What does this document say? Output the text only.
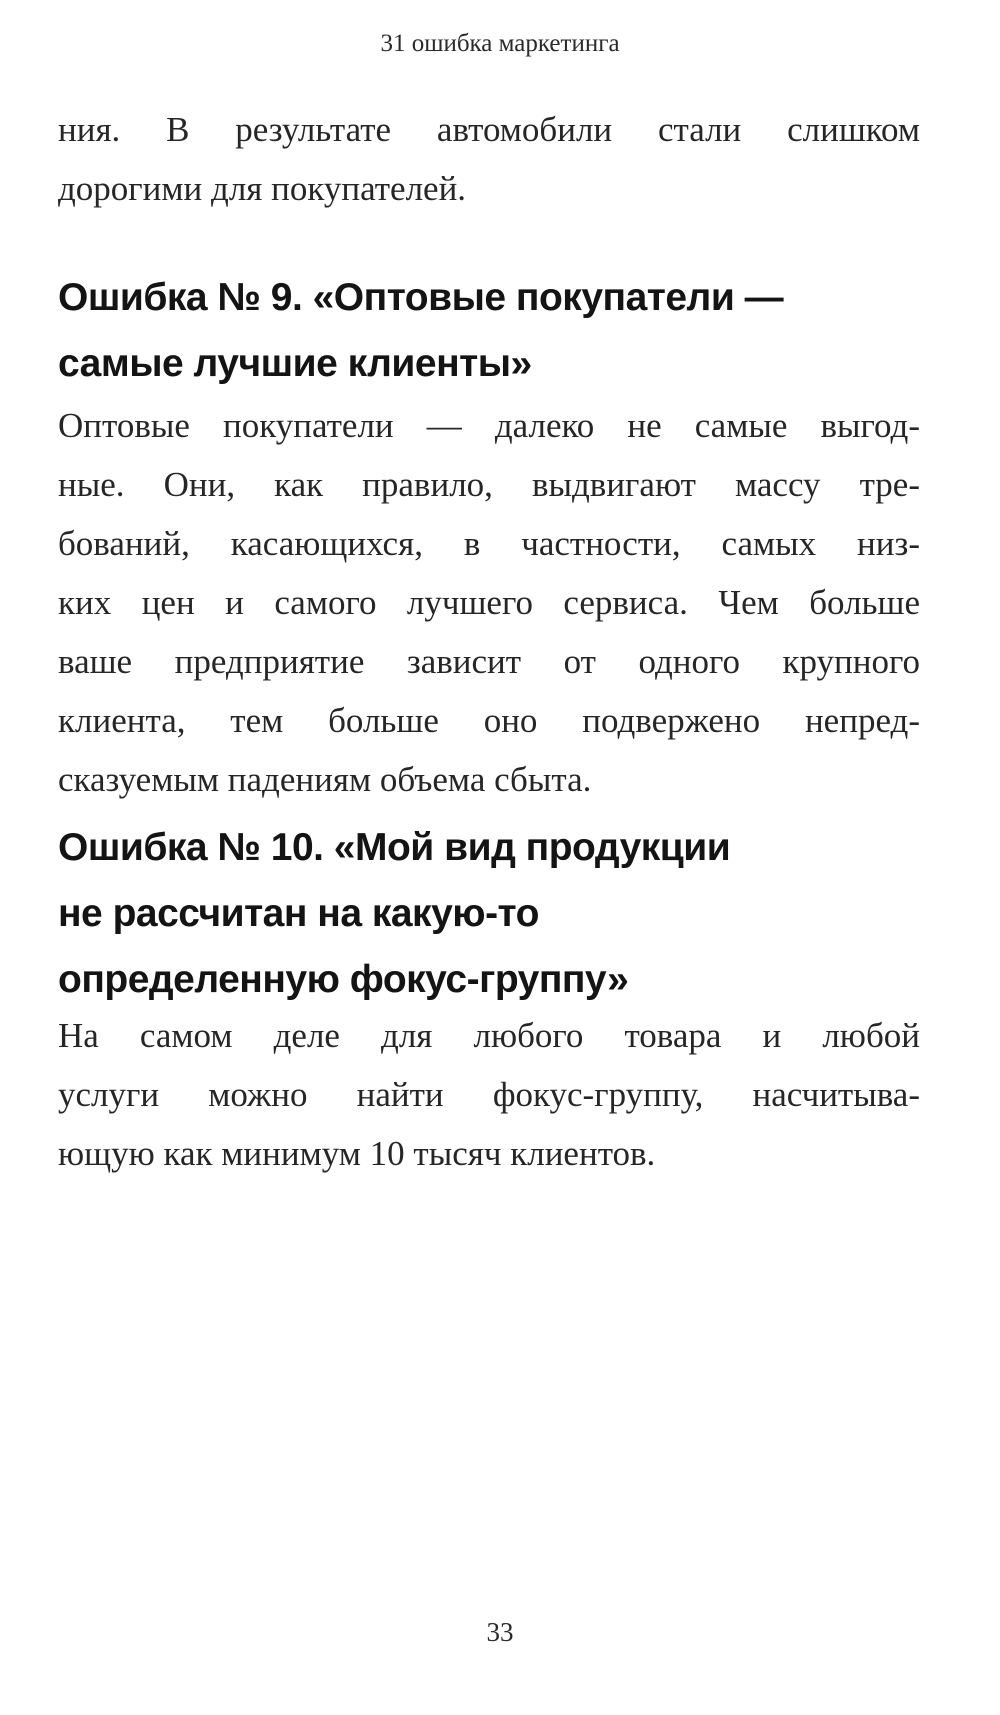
31 ошибка маркетинга
ния. В результате автомобили стали слишком
дорогими для покупателей.
Ошибка № 9. «Оптовые покупатели —
самые лучшие клиенты»
Оптовые покупатели — далеко не самые выгод-
ные. Они, как правило, выдвигают массу тре-
бований, касающихся, в частности, самых низ-
ких цен и самого лучшего сервиса. Чем больше
ваше предприятие зависит от одного крупного
клиента, тем больше оно подвержено непред-
сказуемым падениям объема сбыта.
Ошибка № 10. «Мой вид продукции
не рассчитан на какую-то
определенную фокус-группу»
На самом деле для любого товара и любой
услуги можно найти фокус-группу, насчитыва-
ющую как минимум 10 тысяч клиентов.
33
